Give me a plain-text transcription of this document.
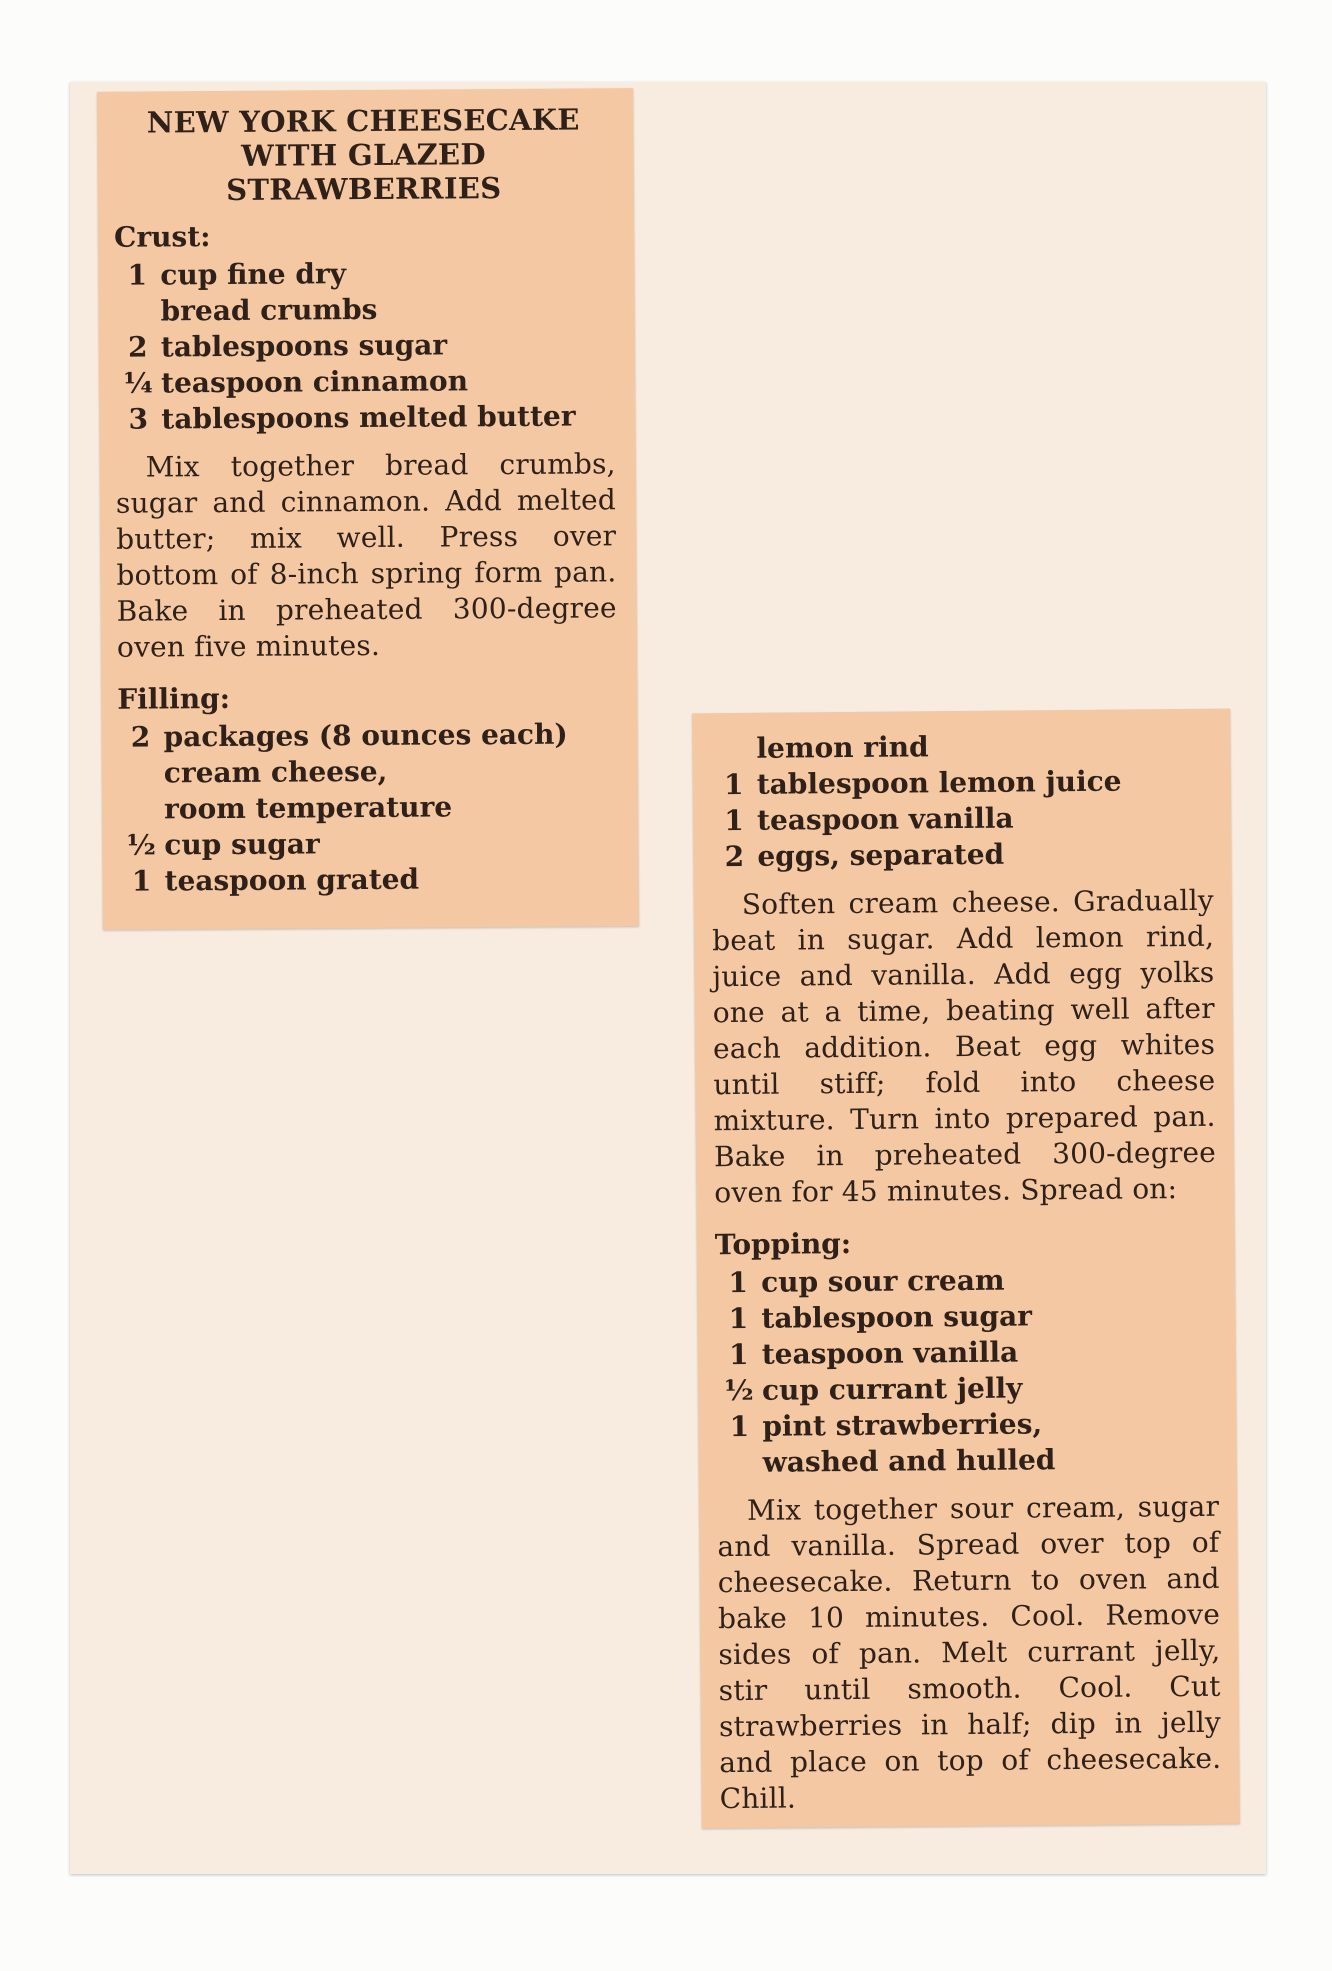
NEW YORK CHEESECAKE
WITH GLAZED
STRAWBERRIES
Crust:
1 cup fine dry
bread crumbs
2 tablespoons sugar
¼ teaspoon cinnamon
3 tablespoons melted butter

Mix together bread crumbs, sugar and cinnamon. Add melted butter; mix well. Press over bottom of 8-inch spring form pan. Bake in preheated 300-degree oven five minutes.

Filling:
2 packages (8 ounces each)
cream cheese,
room temperature
½ cup sugar
1 teaspoon grated
lemon rind
1 tablespoon lemon juice
1 teaspoon vanilla
2 eggs, separated

Soften cream cheese. Gradually beat in sugar. Add lemon rind, juice and vanilla. Add egg yolks one at a time, beating well after each addition. Beat egg whites until stiff; fold into cheese mixture. Turn into prepared pan. Bake in preheated 300-degree oven for 45 minutes. Spread on:

Topping:
1 cup sour cream
1 tablespoon sugar
1 teaspoon vanilla
½ cup currant jelly
1 pint strawberries,
washed and hulled

Mix together sour cream, sugar and vanilla. Spread over top of cheesecake. Return to oven and bake 10 minutes. Cool. Remove sides of pan. Melt currant jelly, stir until smooth. Cool. Cut strawberries in half; dip in jelly and place on top of cheesecake. Chill.
